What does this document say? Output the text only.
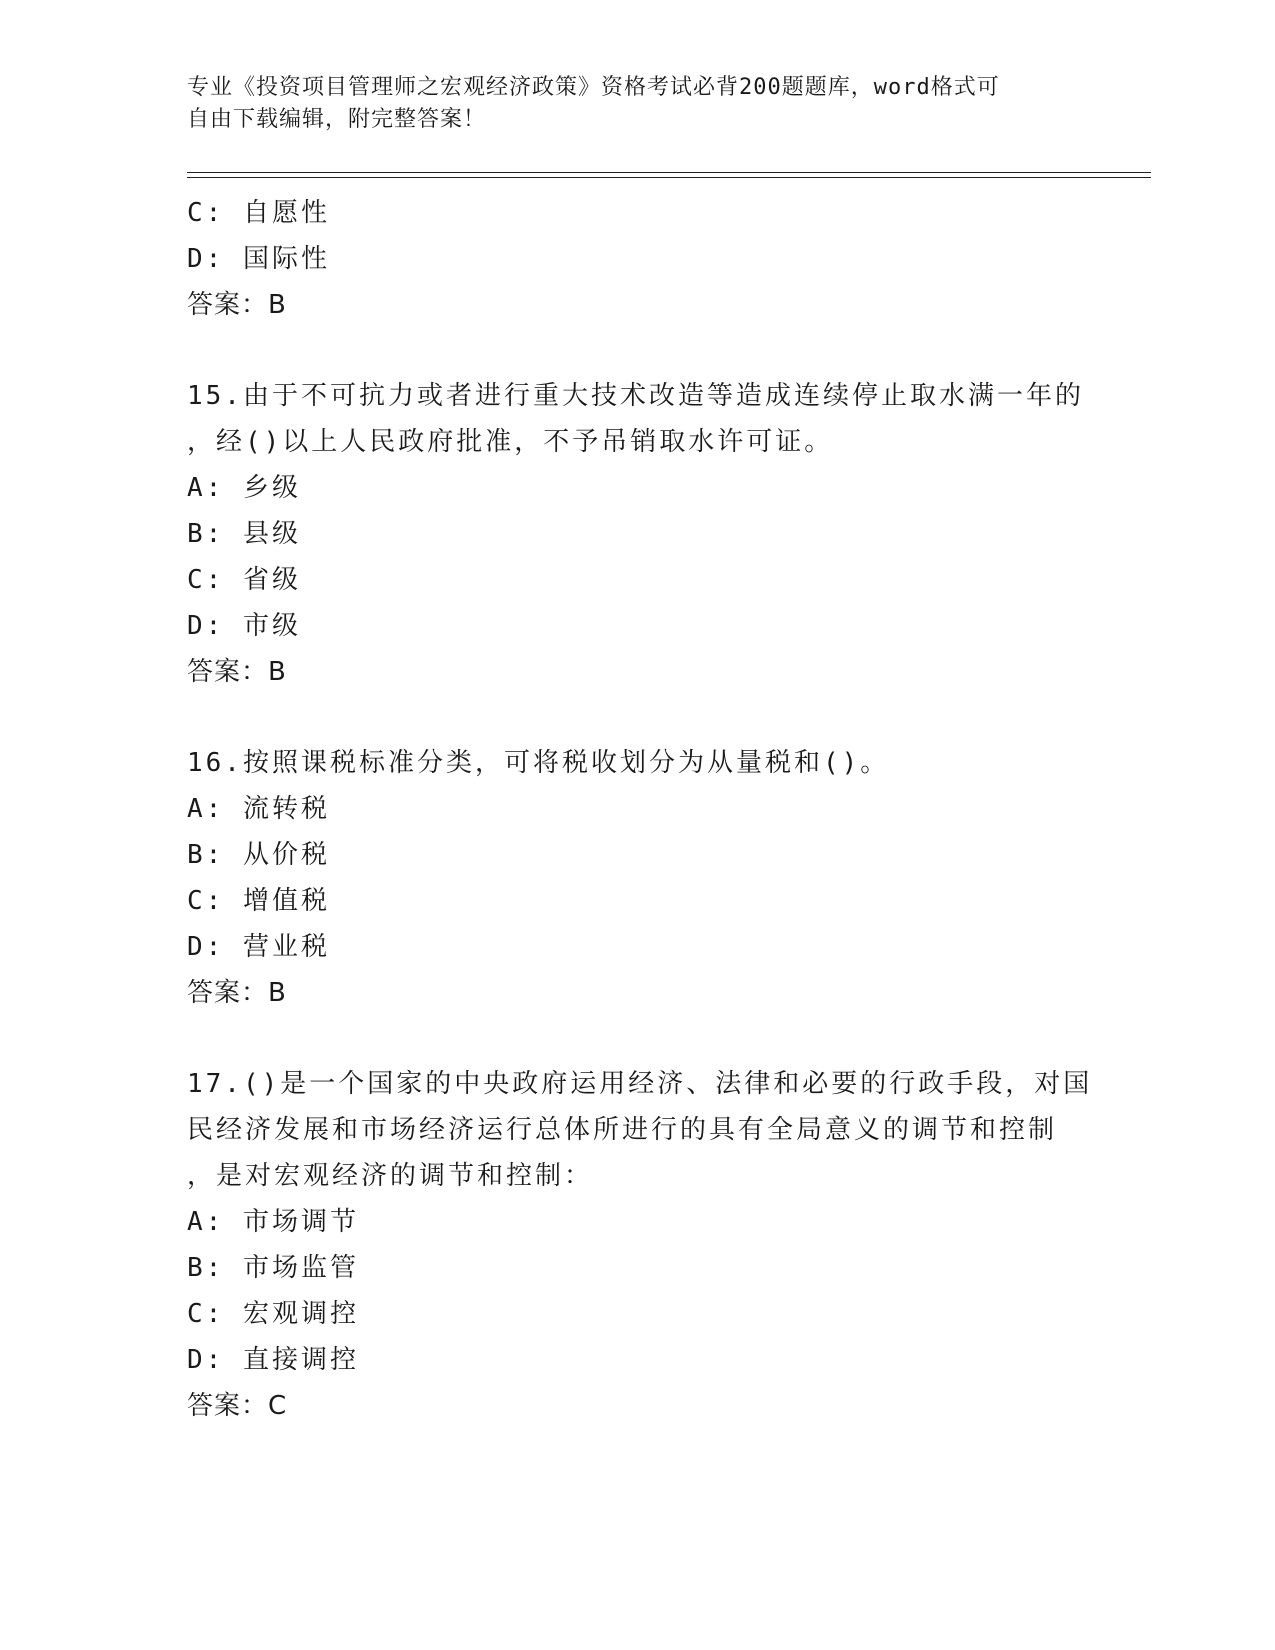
专业《投资项目管理师之宏观经济政策》资格考试必背200题题库，word格式可
自由下载编辑，附完整答案！
C: 自愿性
D: 国际性
答案：B
15.由于不可抗力或者进行重大技术改造等造成连续停止取水满一年的
，经()以上人民政府批准，不予吊销取水许可证。
A: 乡级
B: 县级
C: 省级
D: 市级
答案：B
16.按照课税标准分类，可将税收划分为从量税和()。
A: 流转税
B: 从价税
C: 增值税
D: 营业税
答案：B
17.()是一个国家的中央政府运用经济、法律和必要的行政手段，对国
民经济发展和市场经济运行总体所进行的具有全局意义的调节和控制
，是对宏观经济的调节和控制：
A: 市场调节
B: 市场监管
C: 宏观调控
D: 直接调控
答案：C
